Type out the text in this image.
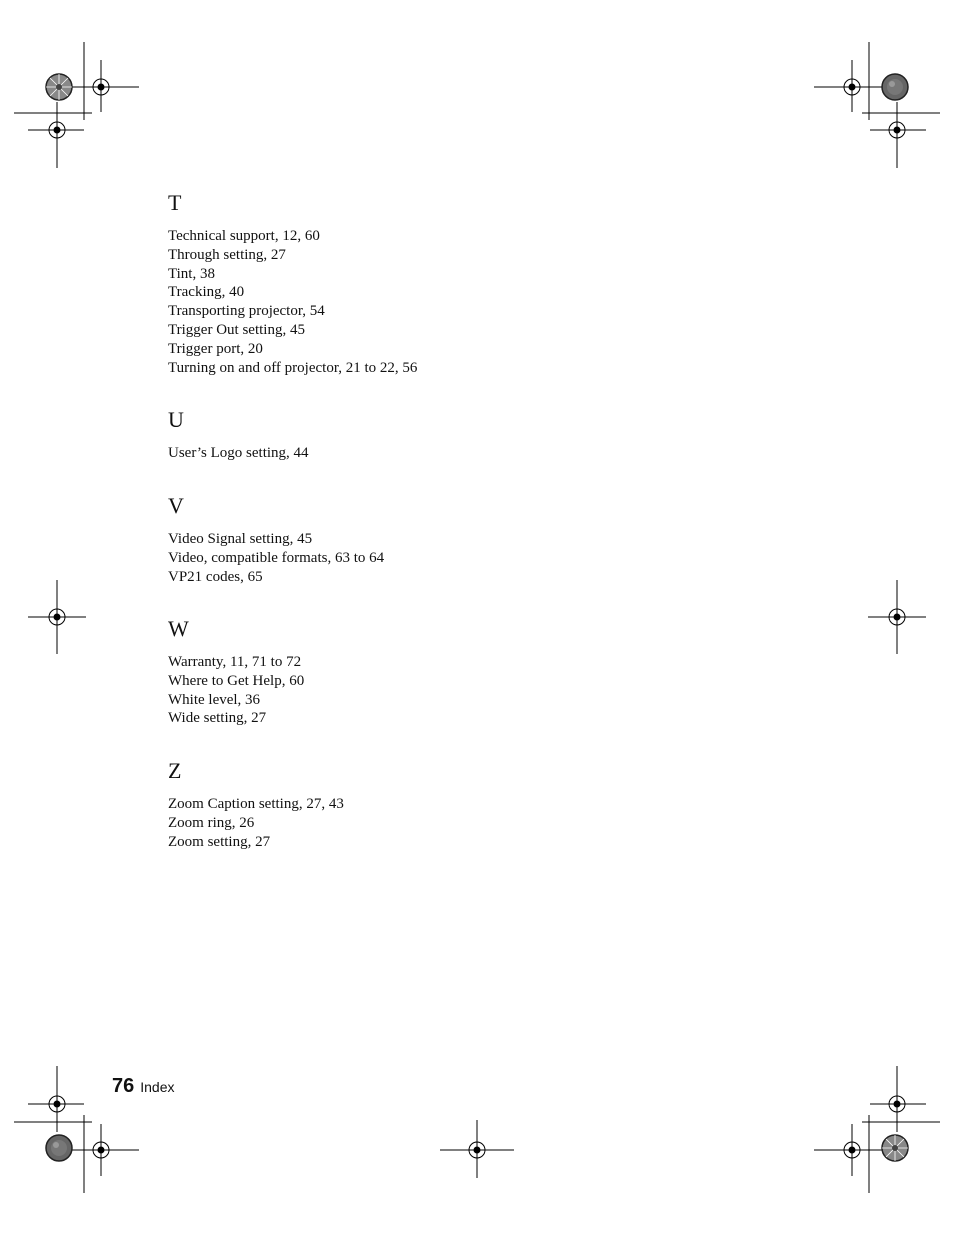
T
Technical support, 12, 60
Through setting, 27
Tint, 38
Tracking, 40
Transporting projector, 54
Trigger Out setting, 45
Trigger port, 20
Turning on and off projector, 21 to 22, 56
U
User’s Logo setting, 44
V
Video Signal setting, 45
Video, compatible formats, 63 to 64
VP21 codes, 65
W
Warranty, 11, 71 to 72
Where to Get Help, 60
White level, 36
Wide setting, 27
Z
Zoom Caption setting, 27, 43
Zoom ring, 26
Zoom setting, 27
76 Index
